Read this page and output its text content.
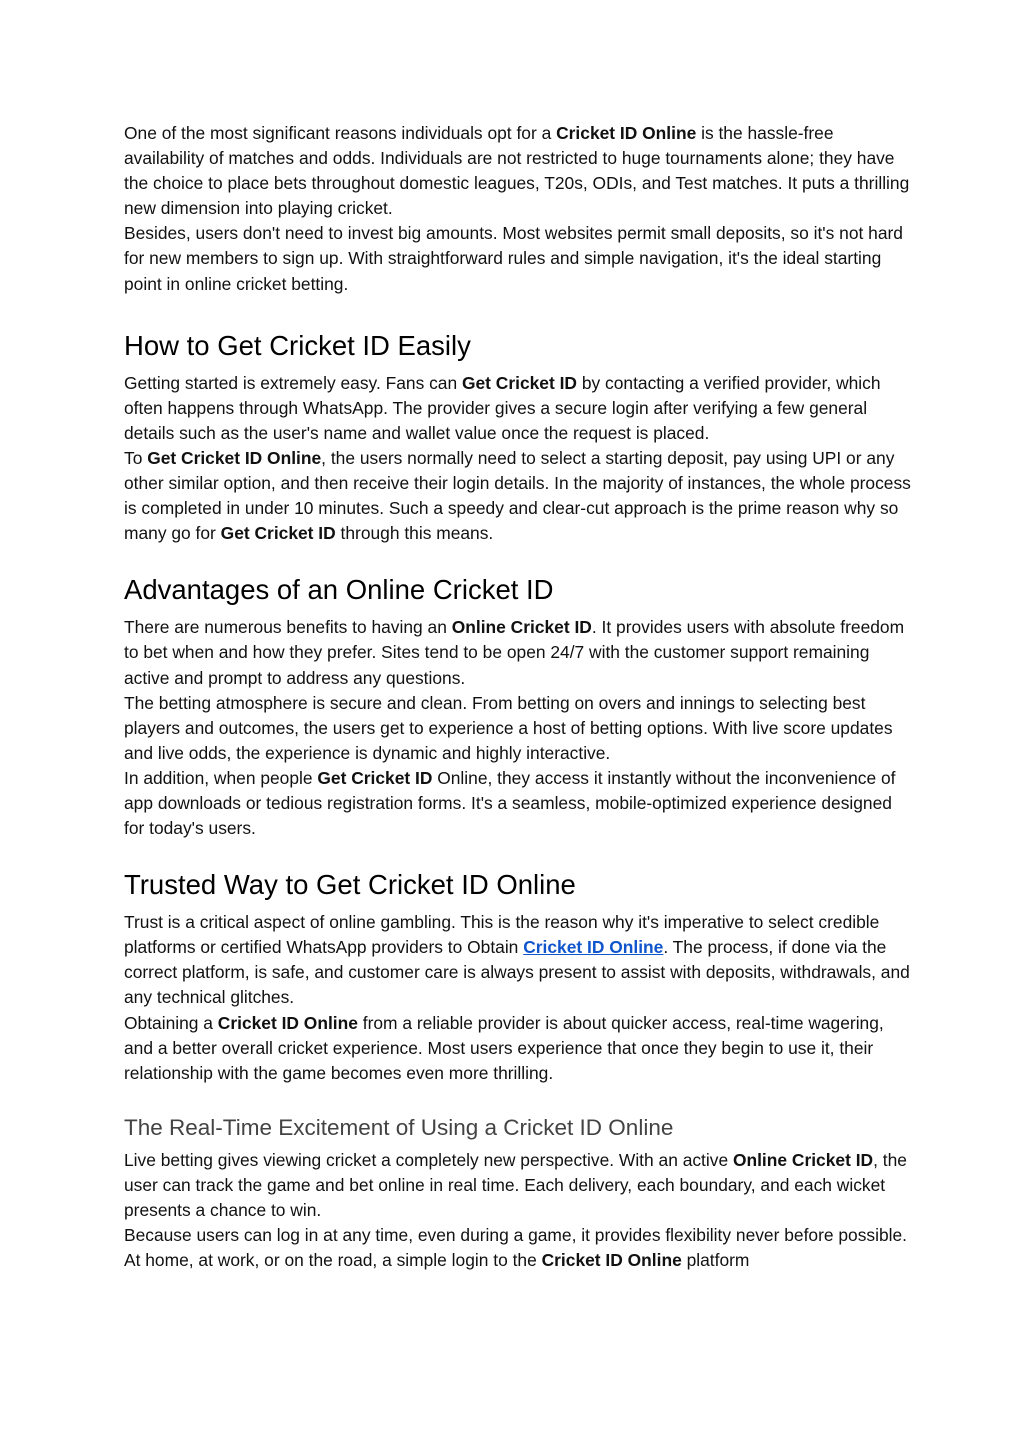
One of the most significant reasons individuals opt for a Cricket ID Online is the hassle-free availability of matches and odds. Individuals are not restricted to huge tournaments alone; they have the choice to place bets throughout domestic leagues, T20s, ODIs, and Test matches. It puts a thrilling new dimension into playing cricket.

Besides, users don't need to invest big amounts. Most websites permit small deposits, so it's not hard for new members to sign up. With straightforward rules and simple navigation, it's the ideal starting point in online cricket betting.

How to Get Cricket ID Easily

Getting started is extremely easy. Fans can Get Cricket ID by contacting a verified provider, which often happens through WhatsApp. The provider gives a secure login after verifying a few general details such as the user's name and wallet value once the request is placed.

To Get Cricket ID Online, the users normally need to select a starting deposit, pay using UPI or any other similar option, and then receive their login details. In the majority of instances, the whole process is completed in under 10 minutes. Such a speedy and clear-cut approach is the prime reason why so many go for Get Cricket ID through this means.

Advantages of an Online Cricket ID

There are numerous benefits to having an Online Cricket ID. It provides users with absolute freedom to bet when and how they prefer. Sites tend to be open 24/7 with the customer support remaining active and prompt to address any questions.

The betting atmosphere is secure and clean. From betting on overs and innings to selecting best players and outcomes, the users get to experience a host of betting options. With live score updates and live odds, the experience is dynamic and highly interactive.

In addition, when people Get Cricket ID Online, they access it instantly without the inconvenience of app downloads or tedious registration forms. It's a seamless, mobile-optimized experience designed for today's users.

Trusted Way to Get Cricket ID Online

Trust is a critical aspect of online gambling. This is the reason why it's imperative to select credible platforms or certified WhatsApp providers to Obtain Cricket ID Online. The process, if done via the correct platform, is safe, and customer care is always present to assist with deposits, withdrawals, and any technical glitches.

Obtaining a Cricket ID Online from a reliable provider is about quicker access, real-time wagering, and a better overall cricket experience. Most users experience that once they begin to use it, their relationship with the game becomes even more thrilling.

The Real-Time Excitement of Using a Cricket ID Online

Live betting gives viewing cricket a completely new perspective. With an active Online Cricket ID, the user can track the game and bet online in real time. Each delivery, each boundary, and each wicket presents a chance to win.

Because users can log in at any time, even during a game, it provides flexibility never before possible. At home, at work, or on the road, a simple login to the Cricket ID Online platform
